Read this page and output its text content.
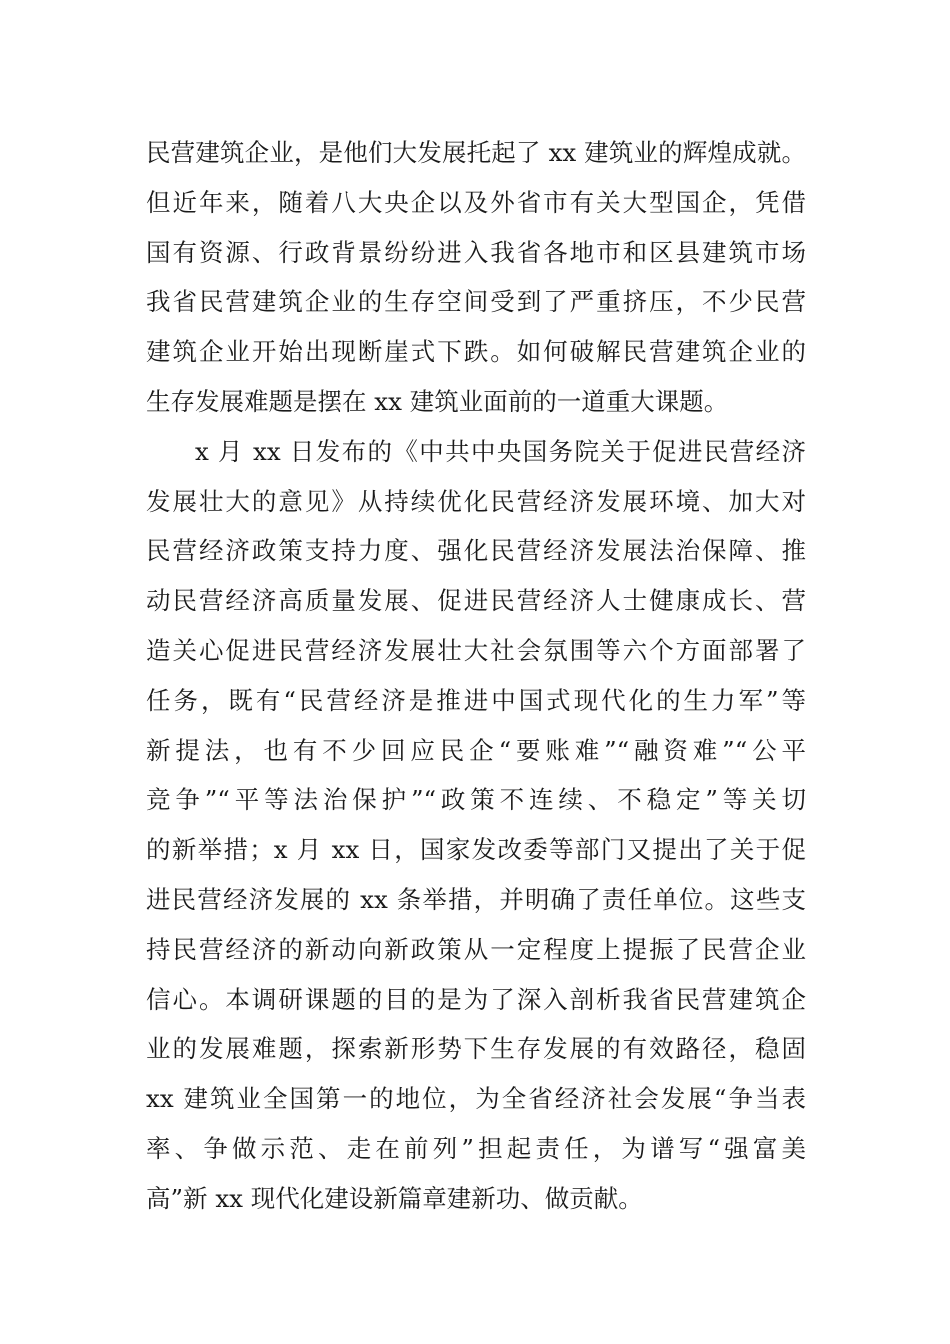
民营建筑企业，是他们大发展托起了 xx 建筑业的辉煌成就。
但近年来，随着八大央企以及外省市有关大型国企，凭借
国有资源、行政背景纷纷进入我省各地市和区县建筑市场
我省民营建筑企业的生存空间受到了严重挤压，不少民营
建筑企业开始出现断崖式下跌。如何破解民营建筑企业的
生存发展难题是摆在 xx 建筑业面前的一道重大课题。
x 月 xx 日发布的《中共中央国务院关于促进民营经济
发展壮大的意见》从持续优化民营经济发展环境、加大对
民营经济政策支持力度、强化民营经济发展法治保障、推
动民营经济高质量发展、促进民营经济人士健康成长、营
造关心促进民营经济发展壮大社会氛围等六个方面部署了
任务，既有“民营经济是推进中国式现代化的生力军”等
新提法，也有不少回应民企“要账难”“融资难”“公平
竞争”“平等法治保护”“政策不连续、不稳定”等关切
的新举措；x 月 xx 日，国家发改委等部门又提出了关于促
进民营经济发展的 xx 条举措，并明确了责任单位。这些支
持民营经济的新动向新政策从一定程度上提振了民营企业
信心。本调研课题的目的是为了深入剖析我省民营建筑企
业的发展难题，探索新形势下生存发展的有效路径，稳固
xx 建筑业全国第一的地位，为全省经济社会发展“争当表
率、争做示范、走在前列”担起责任，为谱写“强富美
高”新 xx 现代化建设新篇章建新功、做贡献。
